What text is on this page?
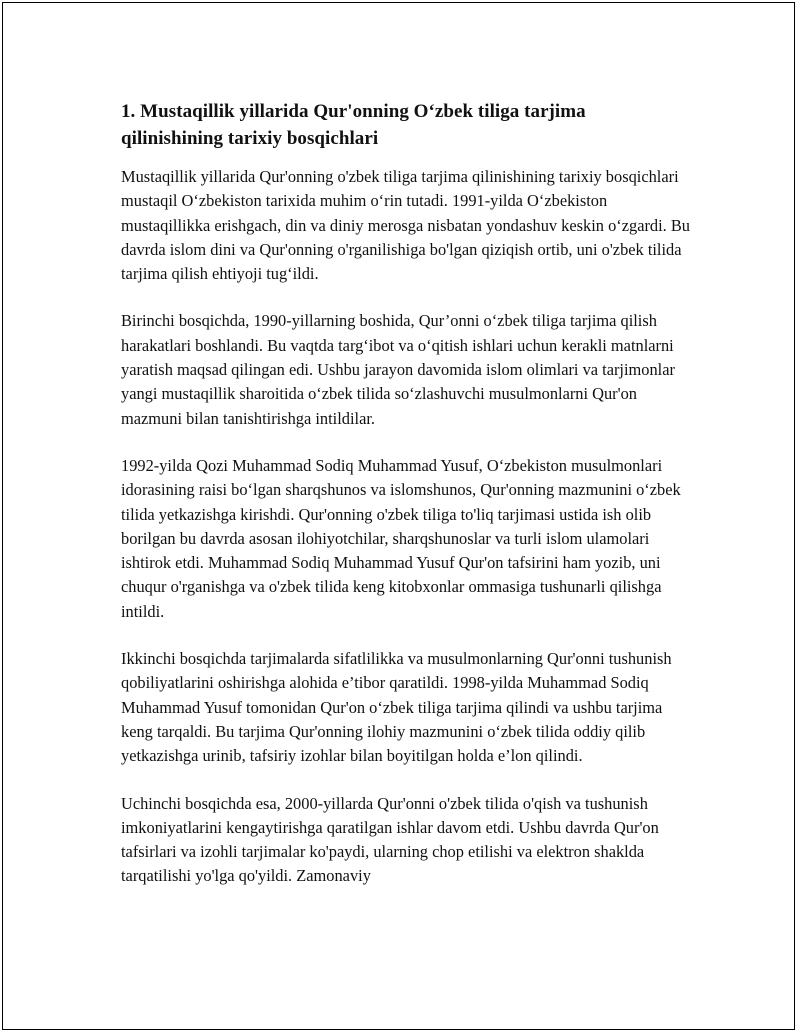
1. Mustaqillik yillarida Qur'onning O‘zbek tiliga tarjima qilinishining tarixiy bosqichlari

Mustaqillik yillarida Qur'onning o'zbek tiliga tarjima qilinishining tarixiy bosqichlari mustaqil O‘zbekiston tarixida muhim o‘rin tutadi. 1991-yilda O‘zbekiston mustaqillikka erishgach, din va diniy merosga nisbatan yondashuv keskin o‘zgardi. Bu davrda islom dini va Qur'onning o'rganilishiga bo'lgan qiziqish ortib, uni o'zbek tilida tarjima qilish ehtiyoji tug‘ildi.

Birinchi bosqichda, 1990-yillarning boshida, Qur’onni o‘zbek tiliga tarjima qilish harakatlari boshlandi. Bu vaqtda targ‘ibot va o‘qitish ishlari uchun kerakli matnlarni yaratish maqsad qilingan edi. Ushbu jarayon davomida islom olimlari va tarjimonlar yangi mustaqillik sharoitida o‘zbek tilida so‘zlashuvchi musulmonlarni Qur'on mazmuni bilan tanishtirishga intildilar.

1992-yilda Qozi Muhammad Sodiq Muhammad Yusuf, O‘zbekiston musulmonlari idorasining raisi bo‘lgan sharqshunos va islomshunos, Qur'onning mazmunini o‘zbek tilida yetkazishga kirishdi. Qur'onning o'zbek tiliga to'liq tarjimasi ustida ish olib borilgan bu davrda asosan ilohiyotchilar, sharqshunoslar va turli islom ulamolari ishtirok etdi. Muhammad Sodiq Muhammad Yusuf Qur'on tafsirini ham yozib, uni chuqur o'rganishga va o'zbek tilida keng kitobxonlar ommasiga tushunarli qilishga intildi.

Ikkinchi bosqichda tarjimalarda sifatlilikka va musulmonlarning Qur'onni tushunish qobiliyatlarini oshirishga alohida e’tibor qaratildi. 1998-yilda Muhammad Sodiq Muhammad Yusuf tomonidan Qur'on o‘zbek tiliga tarjima qilindi va ushbu tarjima keng tarqaldi. Bu tarjima Qur'onning ilohiy mazmunini o‘zbek tilida oddiy qilib yetkazishga urinib, tafsiriy izohlar bilan boyitilgan holda e’lon qilindi.

Uchinchi bosqichda esa, 2000-yillarda Qur'onni o'zbek tilida o'qish va tushunish imkoniyatlarini kengaytirishga qaratilgan ishlar davom etdi. Ushbu davrda Qur'on tafsirlari va izohli tarjimalar ko'paydi, ularning chop etilishi va elektron shaklda tarqatilishi yo'lga qo'yildi. Zamonaviy
